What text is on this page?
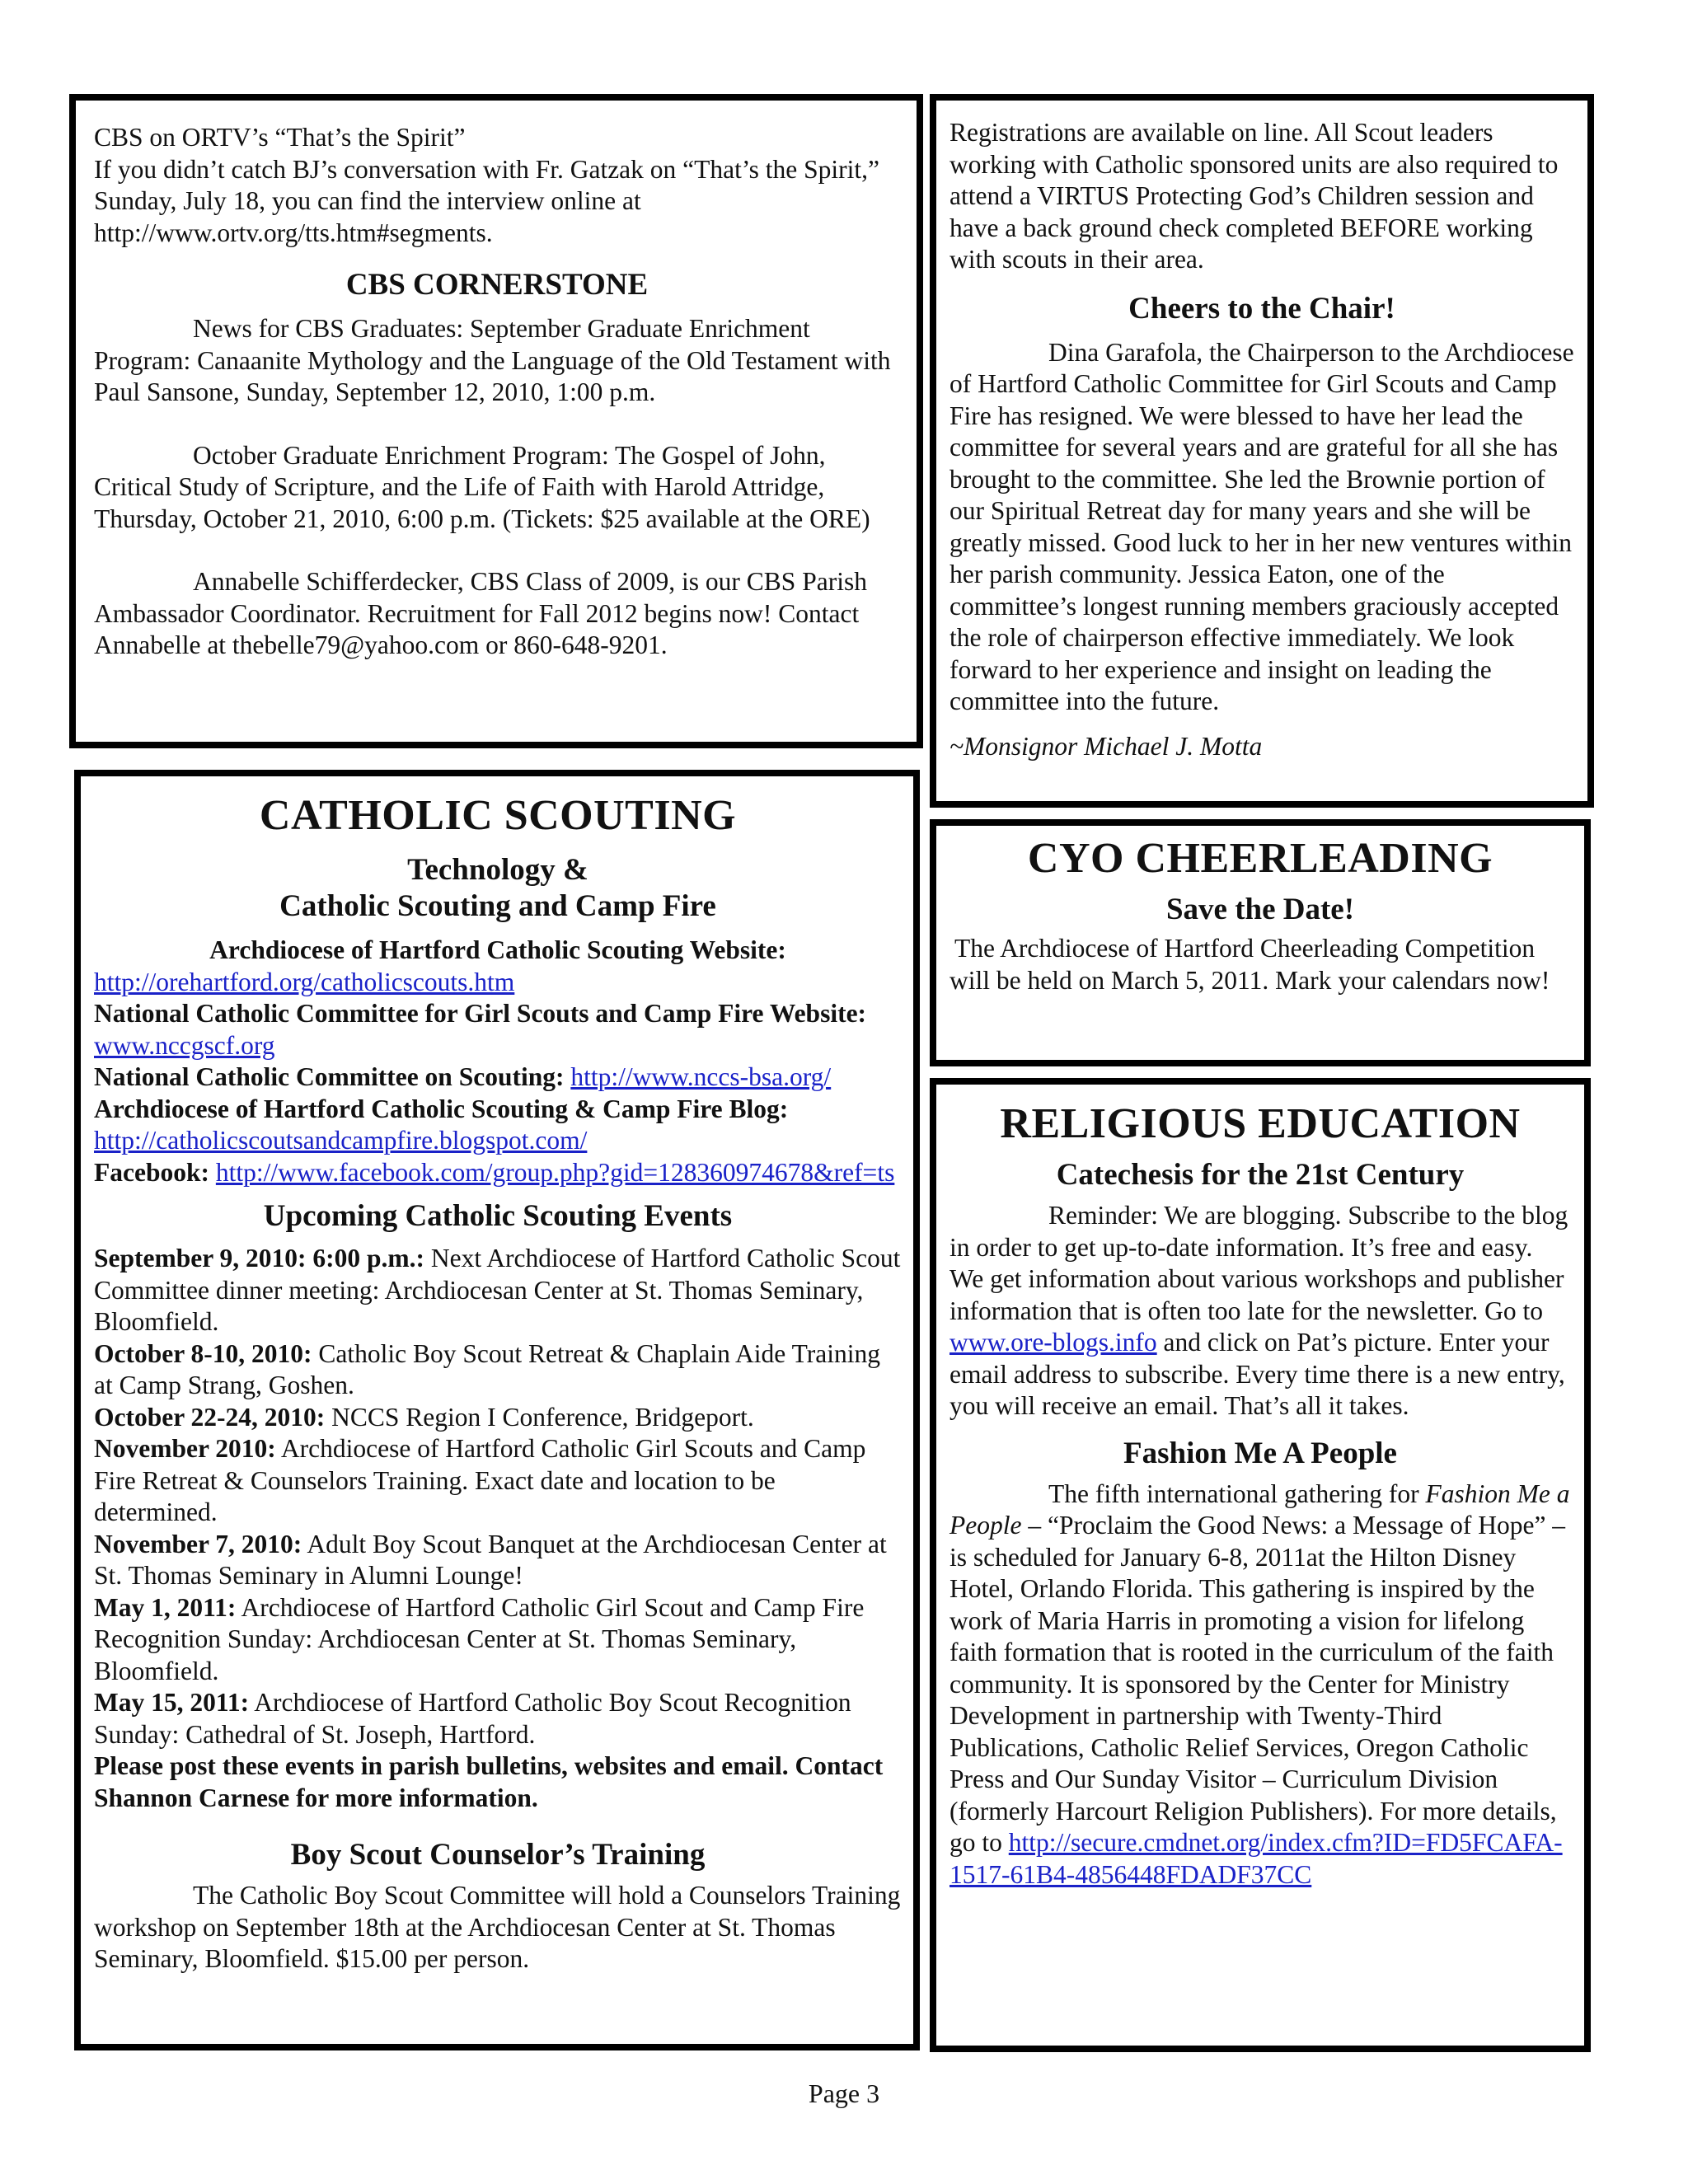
CBS on ORTV’s “That’s the Spirit”

If you didn’t catch BJ’s conversation with Fr. Gatzak on “That’s the Spirit,” Sunday, July 18, you can find the interview online at http://www.ortv.org/tts.htm#segments.

CBS CORNERSTONE

News for CBS Graduates: September Graduate Enrichment Program: Canaanite Mythology and the Language of the Old Testament with Paul Sansone, Sunday, September 12, 2010, 1:00 p.m.

October Graduate Enrichment Program: The Gospel of John, Critical Study of Scripture, and the Life of Faith with Harold Attridge, Thursday, October 21, 2010, 6:00 p.m. (Tickets: $25 available at the ORE)

Annabelle Schifferdecker, CBS Class of 2009, is our CBS Parish Ambassador Coordinator. Recruitment for Fall 2012 begins now! Contact Annabelle at thebelle79@yahoo.com or 860-648-9201.

Registrations are available on line. All Scout leaders working with Catholic sponsored units are also required to attend a VIRTUS Protecting God’s Children session and have a back ground check completed BEFORE working with scouts in their area.

Cheers to the Chair!

Dina Garafola, the Chairperson to the Archdiocese of Hartford Catholic Committee for Girl Scouts and Camp Fire has resigned. We were blessed to have her lead the committee for several years and are grateful for all she has brought to the committee. She led the Brownie portion of our Spiritual Retreat day for many years and she will be greatly missed. Good luck to her in her new ventures within her parish community. Jessica Eaton, one of the committee’s longest running members graciously accepted the role of chairperson effective immediately. We look forward to her experience and insight on leading the committee into the future.

~Monsignor Michael J. Motta

CATHOLIC SCOUTING
Technology &
Catholic Scouting and Camp Fire

Archdiocese of Hartford Catholic Scouting Website:

http://orehartford.org/catholicscouts.htm

National Catholic Committee for Girl Scouts and Camp Fire Website: www.nccgscf.org

National Catholic Committee on Scouting: http://www.nccs-bsa.org/

Archdiocese of Hartford Catholic Scouting & Camp Fire Blog:

http://catholicscoutsandcampfire.blogspot.com/

Facebook: http://www.facebook.com/group.php?gid=128360974678&ref=ts

Upcoming Catholic Scouting Events

September 9, 2010: 6:00 p.m.: Next Archdiocese of Hartford Catholic Scout Committee dinner meeting: Archdiocesan Center at St. Thomas Seminary, Bloomfield.

October 8-10, 2010: Catholic Boy Scout Retreat & Chaplain Aide Training at Camp Strang, Goshen.

October 22-24, 2010: NCCS Region I Conference, Bridgeport.

November 2010: Archdiocese of Hartford Catholic Girl Scouts and Camp Fire Retreat & Counselors Training. Exact date and location to be determined.

November 7, 2010: Adult Boy Scout Banquet at the Archdiocesan Center at St. Thomas Seminary in Alumni Lounge!

May 1, 2011: Archdiocese of Hartford Catholic Girl Scout and Camp Fire Recognition Sunday: Archdiocesan Center at St. Thomas Seminary, Bloomfield.

May 15, 2011: Archdiocese of Hartford Catholic Boy Scout Recognition Sunday: Cathedral of St. Joseph, Hartford.

Please post these events in parish bulletins, websites and email. Contact Shannon Carnese for more information.

Boy Scout Counselor’s Training

The Catholic Boy Scout Committee will hold a Counselors Training workshop on September 18th at the Archdiocesan Center at St. Thomas Seminary, Bloomfield. $15.00 per person.

CYO CHEERLEADING
Save the Date!

The Archdiocese of Hartford Cheerleading Competition will be held on March 5, 2011. Mark your calendars now!

RELIGIOUS EDUCATION
Catechesis for the 21st Century

Reminder: We are blogging. Subscribe to the blog in order to get up-to-date information. It’s free and easy. We get information about various workshops and publisher information that is often too late for the newsletter. Go to www.ore-blogs.info and click on Pat’s picture. Enter your email address to subscribe. Every time there is a new entry, you will receive an email. That’s all it takes.

Fashion Me A People

The fifth international gathering for Fashion Me a People – “Proclaim the Good News: a Message of Hope” – is scheduled for January 6-8, 2011at the Hilton Disney Hotel, Orlando Florida. This gathering is inspired by the work of Maria Harris in promoting a vision for lifelong faith formation that is rooted in the curriculum of the faith community. It is sponsored by the Center for Ministry Development in partnership with Twenty-Third Publications, Catholic Relief Services, Oregon Catholic Press and Our Sunday Visitor – Curriculum Division (formerly Harcourt Religion Publishers). For more details, go to http://secure.cmdnet.org/index.cfm?ID=FD5FCAFA-1517-61B4-4856448FDADF37CC

Page 3
